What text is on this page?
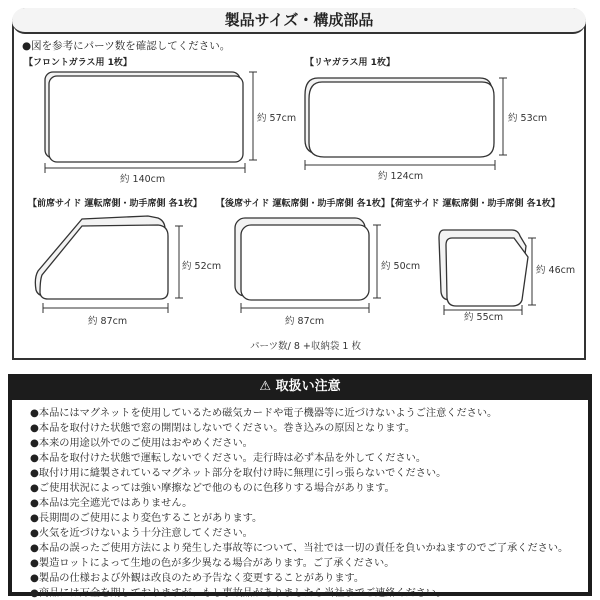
製品サイズ・構成部品
●図を参考にパーツ数を確認してください。
【フロントガラス用 1枚】
約 140cm
約 57cm
【リヤガラス用 1枚】
約 124cm
約 53cm
【前席サイド 運転席側・助手席側 各1枚】
約 87cm
約 52cm
【後席サイド 運転席側・助手席側 各1枚】
約 87cm
約 50cm
【荷室サイド 運転席側・助手席側 各1枚】
約 55cm
約 46cm
パーツ数/ 8 +収納袋 1 枚
⚠ 取扱い注意
●本品にはマグネットを使用しているため磁気カードや電子機器等に近づけないようご注意ください。
●本品を取付けた状態で窓の開閉はしないでください。巻き込みの原因となります。
●本来の用途以外でのご使用はおやめください。
●本品を取付けた状態で運転しないでください。走行時は必ず本品を外してください。
●取付け用に縫製されているマグネット部分を取付け時に無理に引っ張らないでください。
●ご使用状況によっては強い摩擦などで他のものに色移りする場合があります。
●本品は完全遮光ではありません。
●長期間のご使用により変色することがあります。
●火気を近づけないよう十分注意してください。
●本品の誤ったご使用方法により発生した事故等について、当社では一切の責任を負いかねますのでご了承ください。
●製造ロットによって生地の色が多少異なる場合があります。ご了承ください。
●製品の仕様および外観は改良のため予告なく変更することがあります。
●商品には万全を期しておりますが、もし事故品がありましたら当社までご連絡ください。
